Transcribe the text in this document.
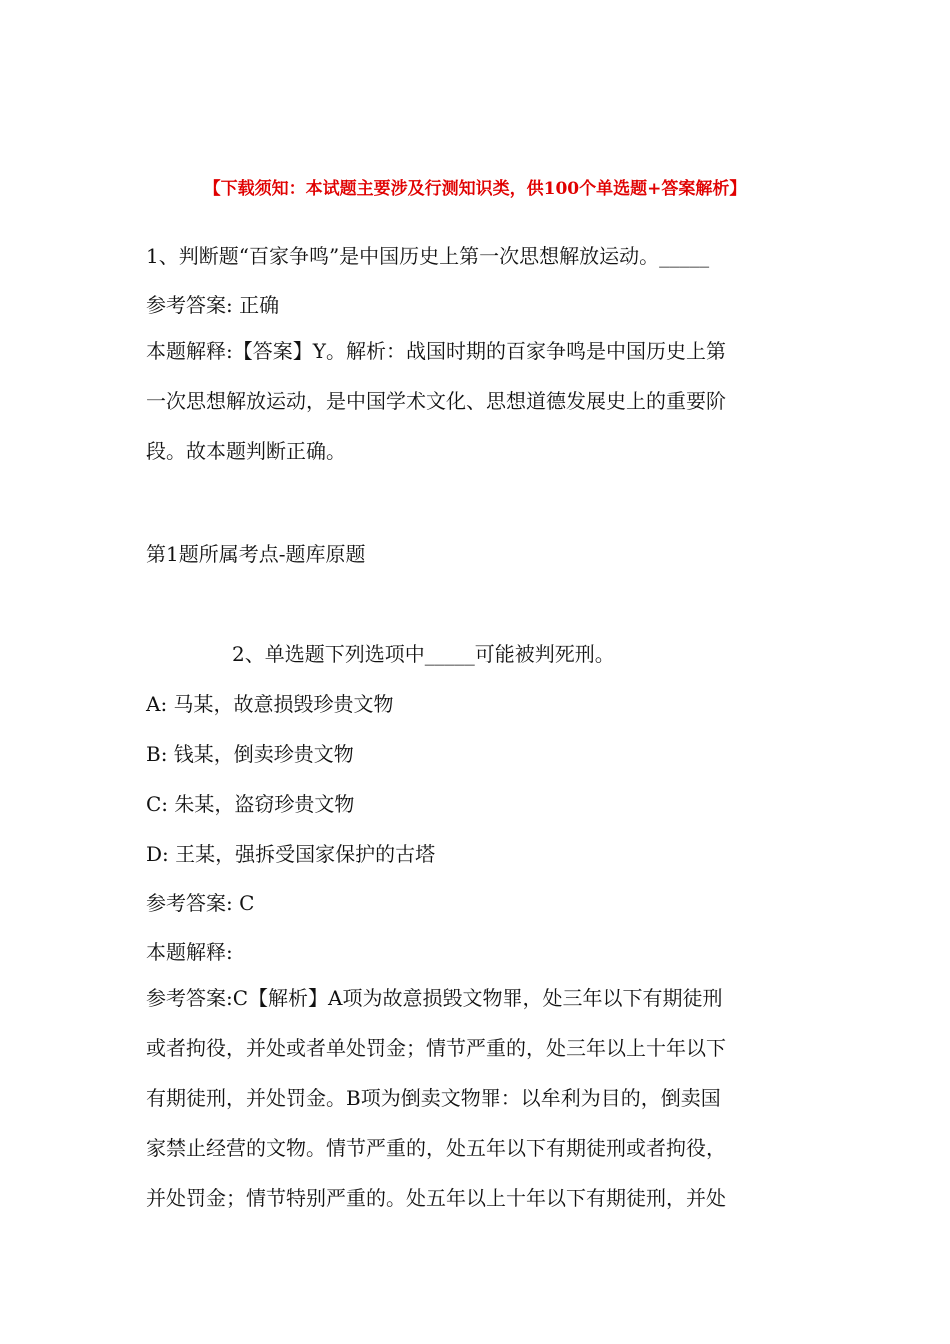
【下载须知：本试题主要涉及行测知识类，供100个单选题+答案解析】
1、判断题“百家争鸣”是中国历史上第一次思想解放运动。_____
参考答案: 正确
本题解释:【答案】Y。解析：战国时期的百家争鸣是中国历史上第
一次思想解放运动，是中国学术文化、思想道德发展史上的重要阶
段。故本题判断正确。
第1题所属考点-题库原题
2、单选题下列选项中_____可能被判死刑。
A: 马某，故意损毁珍贵文物
B: 钱某，倒卖珍贵文物
C: 朱某，盗窃珍贵文物
D: 王某，强拆受国家保护的古塔
参考答案: C
本题解释:
参考答案:C【解析】A项为故意损毁文物罪，处三年以下有期徒刑
或者拘役，并处或者单处罚金；情节严重的，处三年以上十年以下
有期徒刑，并处罚金。B项为倒卖文物罪：以牟利为目的，倒卖国
家禁止经营的文物。情节严重的，处五年以下有期徒刑或者拘役，
并处罚金；情节特别严重的。处五年以上十年以下有期徒刑，并处
